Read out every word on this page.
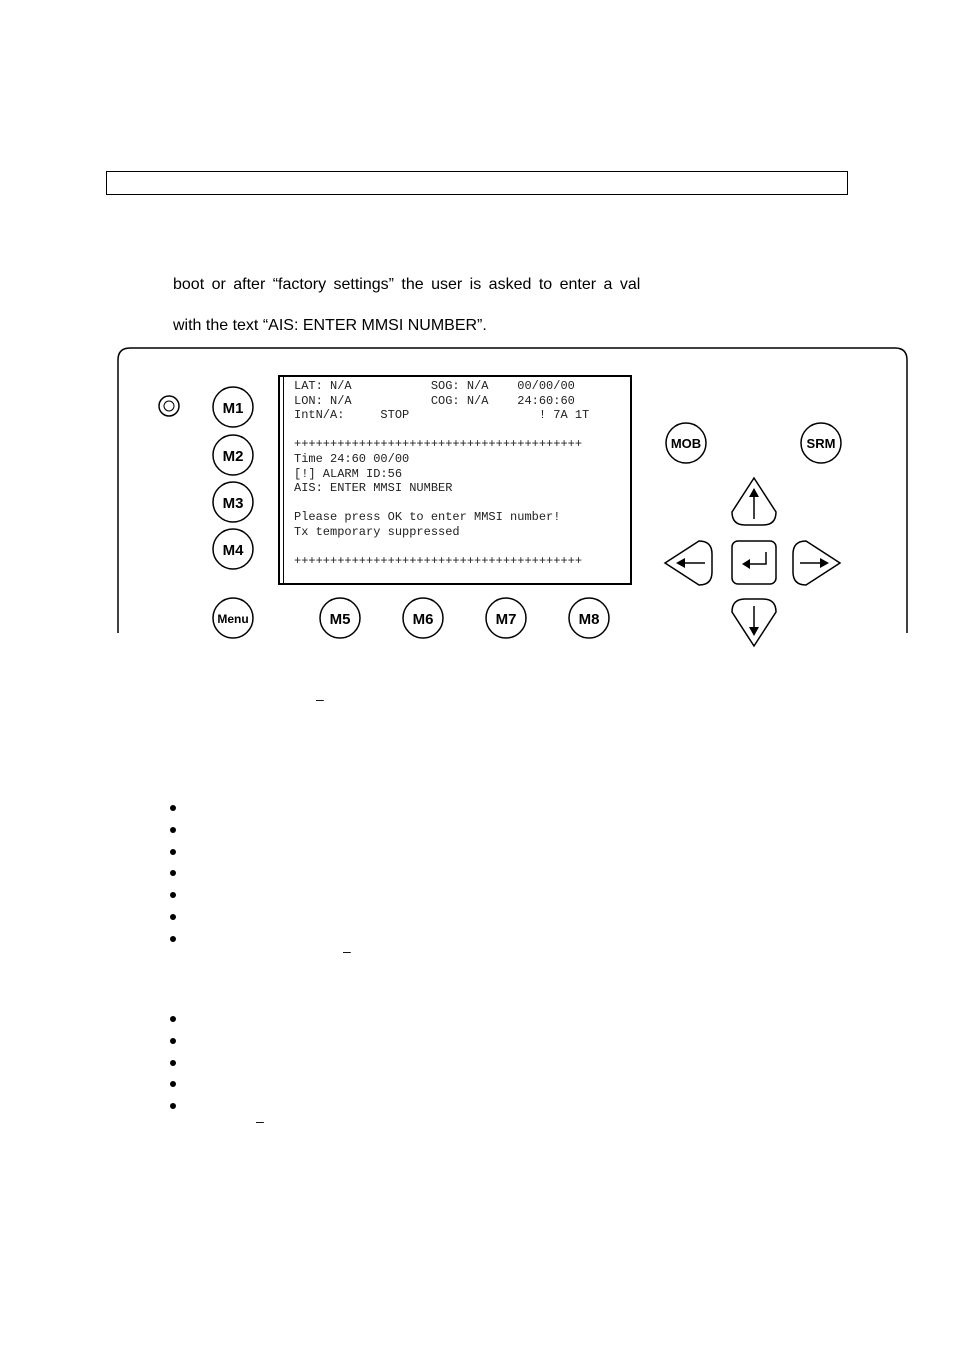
boot or after “factory settings” the user is asked to enter a val
with the text “AIS: ENTER MMSI NUMBER”.
M1
M2
M3
M4
Menu	M5	M6	M7	M8
MOB	SRM
LAT: N/A           SOG: N/A    00/00/00
LON: N/A           COG: N/A    24:60:60
IntN/A:     STOP                  ! 7A 1T

++++++++++++++++++++++++++++++++++++++++
Time 24:60 00/00
[!] ALARM ID:56
AIS: ENTER MMSI NUMBER

Please press OK to enter MMSI number!
Tx temporary suppressed

++++++++++++++++++++++++++++++++++++++++
–
–
–
